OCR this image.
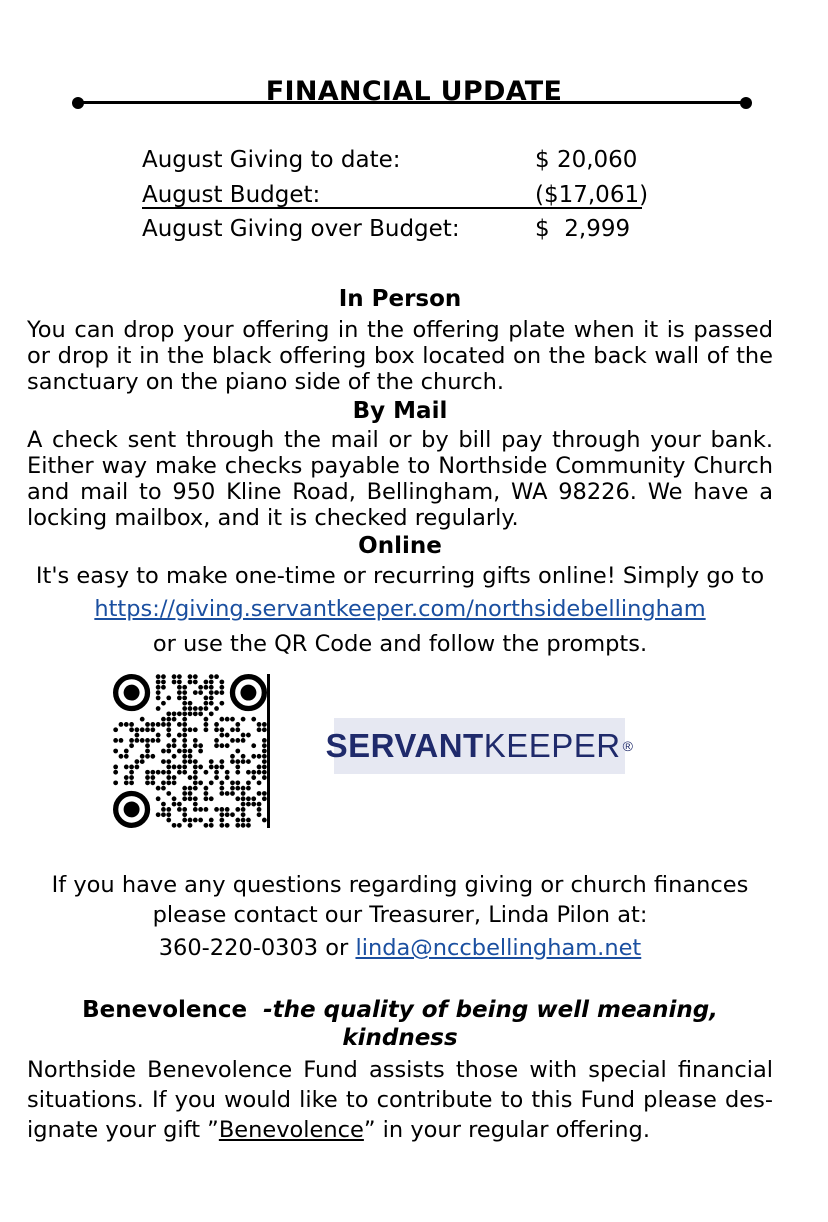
FINANCIAL UPDATE
August Giving to date:	$ 20,060
August Budget:	($17,061)
August Giving over Budget:	$  2,999
In Person
You can drop your offering in the offering plate when it is passed or drop it in the black offering box located on the back wall of the sanctuary on the piano side of the church.
By Mail
A check sent through the mail or by bill pay through your bank. Either way make checks payable to Northside Community Church and mail to 950 Kline Road, Bellingham, WA 98226. We have a locking mailbox, and it is checked regularly.
Online
It's easy to make one-time or recurring gifts online! Simply go to
https://giving.servantkeeper.com/northsidebellingham
or use the QR Code and follow the prompts.
SERVANT KEEPER ®
If you have any questions regarding giving or church finances
please contact our Treasurer, Linda Pilon at:
360-220-0303 or linda@nccbellingham.net
Benevolence -the quality of being well meaning,
kindness
Northside Benevolence Fund assists those with special financial situations. If you would like to contribute to this Fund please des-ignate your gift ”Benevolence” in your regular offering.
